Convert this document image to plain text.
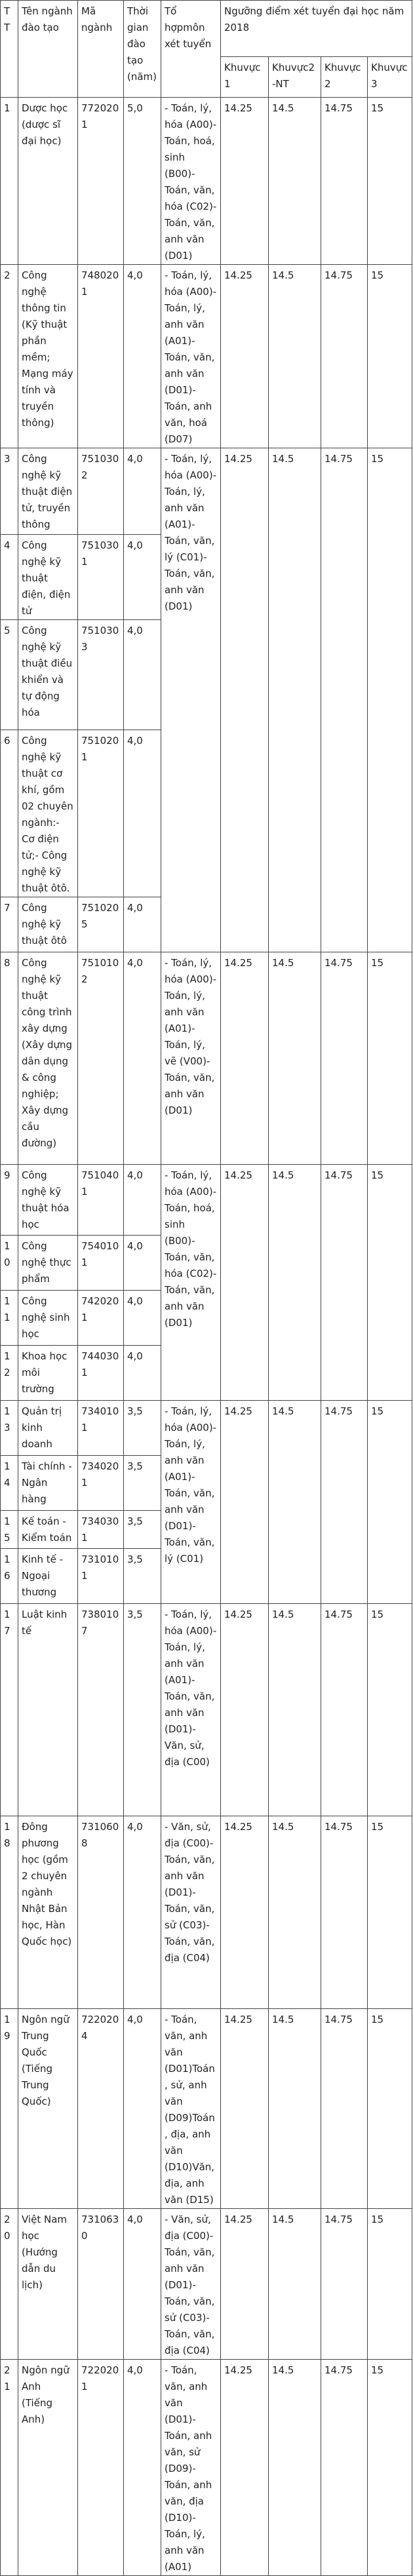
TT	Tên ngành đào tạo	Mã ngành	Thời gian đào tạo (năm)	Tổ hợpmôn xét tuyển	Ngưỡng điểm xét tuyển đại học năm 2018			
					Khuvực1	Khuvực2-NT	Khuvực2	Khuvực3
1	Dược học (dược sĩ đại học)	7720201	5,0	- Toán, lý, hóa (A00)- Toán, hoá, sinh (B00)- Toán, văn, hóa (C02)- Toán, văn, anh văn (D01)	14.25	14.5	14.75	15
2	Công nghệ thông tin (Kỹ thuật phần mềm; Mạng máy tính và truyền thông)	7480201	4,0	- Toán, lý, hóa (A00)- Toán, lý, anh văn (A01)- Toán, văn, anh văn (D01)- Toán, anh văn, hoá (D07)	14.25	14.5	14.75	15
3	Công nghệ kỹ thuật điện tử, truyền thông	7510302	4,0	- Toán, lý, hóa (A00)- Toán, lý, anh văn (A01)- Toán, văn, lý (C01)- Toán, văn, anh văn (D01)	14.25	14.5	14.75	15
4	Công nghệ kỹ thuật điện, điện tử	7510301	4,0					
5	Công nghệ kỹ thuật điều khiển và tự động hóa	7510303	4,0					
6	Công nghệ kỹ thuật cơ khí, gồm 02 chuyên ngành:- Cơ điện tử;- Công nghệ kỹ thuật ôtô.	7510201	4,0					
7	Công nghệ kỹ thuật ôtô	7510205	4,0					
8	Công nghệ kỹ thuật công trình xây dựng (Xây dựng dân dụng & công nghiệp; Xây dựng cầu đường)	7510102	4,0	- Toán, lý, hóa (A00)- Toán, lý, anh văn (A01)- Toán, lý, vẽ (V00)- Toán, văn, anh văn (D01)	14.25	14.5	14.75	15
9	Công nghệ kỹ thuật hóa học	7510401	4,0	- Toán, lý, hóa (A00)- Toán, hoá, sinh (B00)- Toán, văn, hóa (C02)- Toán, văn, anh văn (D01)	14.25	14.5	14.75	15
10	Công nghệ thực phẩm	7540101	4,0					
11	Công nghệ sinh học	7420201	4,0					
12	Khoa học môi trường	7440301	4,0					
13	Quản trị kinh doanh	7340101	3,5	- Toán, lý, hóa (A00)- Toán, lý, anh văn (A01)- Toán, văn, anh văn (D01)- Toán, văn, lý (C01)	14.25	14.5	14.75	15
14	Tài chính - Ngân hàng	7340201	3,5					
15	Kế toán - Kiểm toán	7340301	3,5					
16	Kinh tế - Ngoại thương	7310101	3,5					
17	Luật kinh tế	7380107	3,5	- Toán, lý, hóa (A00)- Toán, lý, anh văn (A01)- Toán, văn, anh văn (D01)- Văn, sử, địa (C00)	14.25	14.5	14.75	15
18	Đông phương học (gồm 2 chuyên ngành Nhật Bản học, Hàn Quốc học)	7310608	4,0	- Văn, sử, địa (C00)- Toán, văn, anh văn (D01)- Toán, văn, sử (C03)- Toán, văn, địa (C04)	14.25	14.5	14.75	15
19	Ngôn ngữ Trung Quốc (Tiếng Trung Quốc)	7220204	4,0	- Toán, văn, anh văn (D01)Toán, sử, anh văn (D09)Toán, địa, anh văn (D10)Văn, địa, anh văn (D15)	14.25	14.5	14.75	15
20	Việt Nam học (Hướng dẫn du lịch)	7310630	4,0	- Văn, sử, địa (C00)- Toán, văn, anh văn (D01)- Toán, văn, sử (C03)- Toán, văn, địa (C04)	14.25	14.5	14.75	15
21	Ngôn ngữ Anh (Tiếng Anh)	7220201	4,0	- Toán, văn, anh văn (D01)- Toán, anh văn, sử (D09)- Toán, anh văn, địa (D10)- Toán, lý, anh văn (A01)	14.25	14.5	14.75	15
